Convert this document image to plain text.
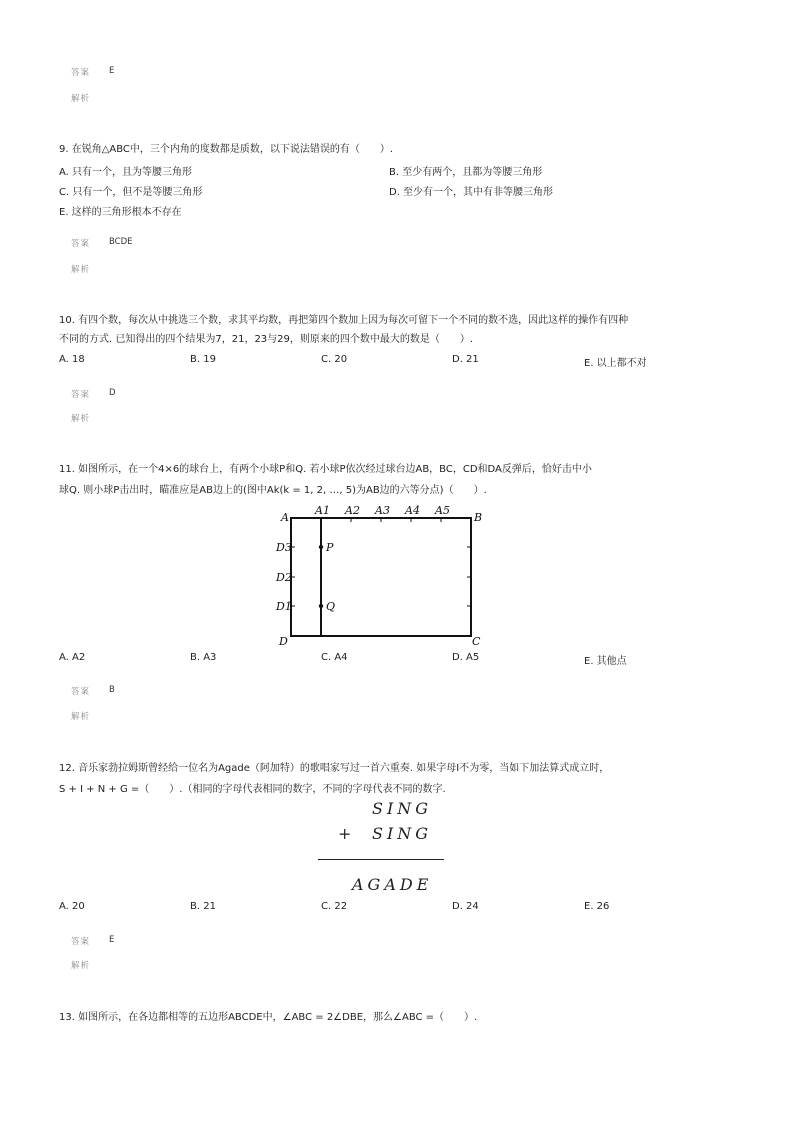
答案 E
解析
9. 在锐角△ABC中，三个内角的度数都是质数，以下说法错误的有（　　）.
A. 只有一个，且为等腰三角形	B. 至少有两个，且都为等腰三角形
C. 只有一个，但不是等腰三角形	D. 至少有一个，其中有非等腰三角形
E. 这样的三角形根本不存在
答案 BCDE
解析
10. 有四个数，每次从中挑选三个数，求其平均数，再把第四个数加上因为每次可留下一个不同的数不选，因此这样的操作有四种
不同的方式. 已知得出的四个结果为7，21，23与29，则原来的四个数中最大的数是（　　）.
A. 18	B. 19	C. 20	D. 21	E. 以上都不对
答案 D
解析
11. 如图所示，在一个4×6的球台上，有两个小球P和Q. 若小球P依次经过球台边AB，BC，CD和DA反弹后，恰好击中小
球Q. 则小球P击出时，瞄准应是AB边上的(图中Ak(k = 1, 2, …, 5)为AB边的六等分点)（　　）.
A	B
C
D
A1 A2 A3 A4 A5
D3
D2
D1
P
Q
A. A2	B. A3	C. A4	D. A5	E. 其他点
答案 B
解析
12. 音乐家勃拉姆斯曾经给一位名为Agade（阿加特）的歌唱家写过一首六重奏. 如果字母I不为零，当如下加法算式成立时，
S + I + N + G =（　　）.（相同的字母代表相同的数字，不同的字母代表不同的数字.
SING
+ SING
AGADE
A. 20	B. 21	C. 22	D. 24	E. 26
答案 E
解析
13. 如图所示，在各边都相等的五边形ABCDE中，∠ABC = 2∠DBE，那么∠ABC =（　　）.
